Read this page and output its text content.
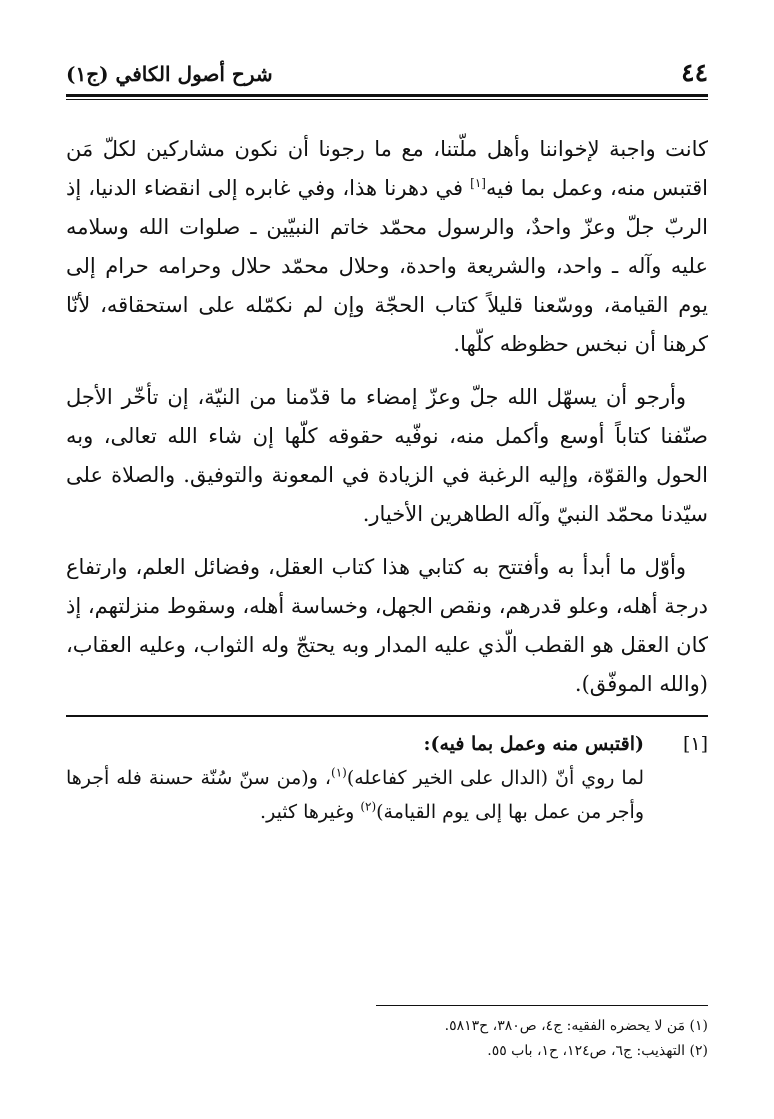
٤٤
شرح أصول الكافي (ج١)

كانت واجبة لإخواننا وأهل ملّتنا، مع ما رجونا أن نكون مشاركين لكلّ مَن اقتبس منه، وعمل بما فيه[١] في دهرنا هذا، وفي غابره إلى انقضاء الدنيا، إذ الربّ جلّ وعزّ واحدٌ، والرسول محمّد خاتم النبيّين ـ صلوات الله وسلامه عليه وآله ـ واحد، والشريعة واحدة، وحلال محمّد حلال وحرامه حرام إلى يوم القيامة، ووسّعنا قليلاً كتاب الحجّة وإن لم نكمّله على استحقاقه، لأنّا كرهنا أن نبخس حظوظه كلّها.

وأرجو أن يسهّل الله جلّ وعزّ إمضاء ما قدّمنا من النيّة، إن تأخّر الأجل صنّفنا كتاباً أوسع وأكمل منه، نوفّيه حقوقه كلّها إن شاء الله تعالى، وبه الحول والقوّة، وإليه الرغبة في الزيادة في المعونة والتوفيق. والصلاة على سيّدنا محمّد النبيّ وآله الطاهرين الأخيار.

وأوّل ما أبدأ به وأفتتح به كتابي هذا كتاب العقل، وفضائل العلم، وارتفاع درجة أهله، وعلو قدرهم، ونقص الجهل، وخساسة أهله، وسقوط منزلتهم، إذ كان العقل هو القطب الّذي عليه المدار وبه يحتجّ وله الثواب، وعليه العقاب، (والله الموفّق).

[١]
(اقتبس منه وعمل بما فيه):
لما روي أنّ (الدال على الخير كفاعله)$^{(١)}$، و(من سنّ سُنّة حسنة فله أجرها وأجر من عمل بها إلى يوم القيامة)$^{(٢)}$ وغيرها كثير.
(١) مَن لا يحضره الفقيه: ج٤، ص٣٨٠، ح٥٨١٣.
(٢) التهذيب: ج٦، ص١٢٤، ح١، باب ٥٥.
